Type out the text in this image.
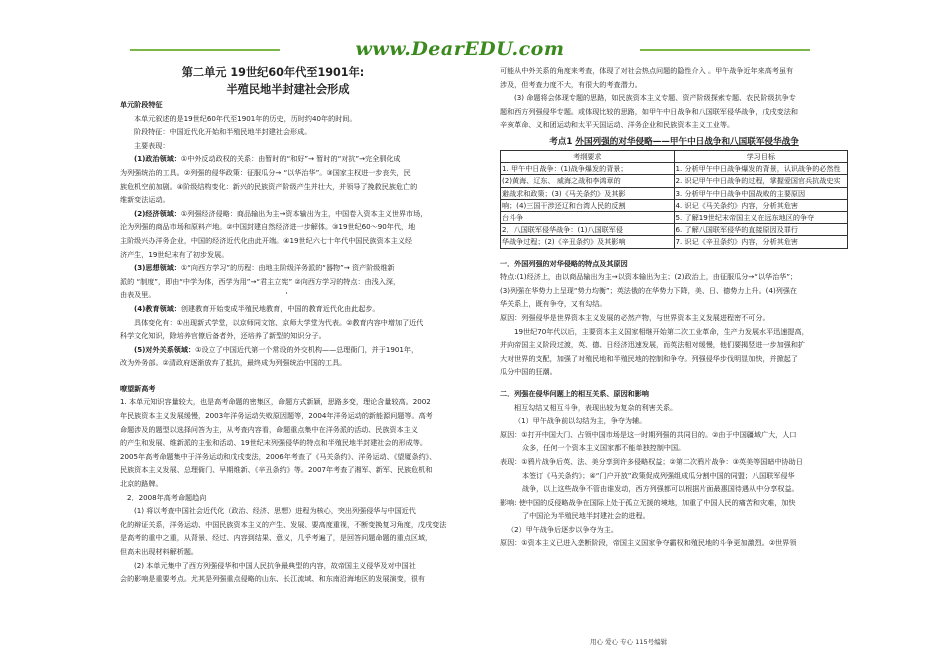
www.DearEDU.com

第二单元 19世纪60年代至1901年:

半殖民地半封建社会形成

单元阶段特征

本单元叙述的是19世纪60年代至1901年的历史，历时约40年的时间。

阶段特征：中国近代化开始和半殖民地半封建社会形成。

主要表现：

(1)政治领域：①中外反动政权的关系：由暂时的“和好”→ 暂时的“对抗”→完全驯化成

为列强统治的工具。②列强的侵华政策：征服瓜分→ “以华治华”。③国家主权进一步丧失，民

族危机空前加剧。④阶级结构变化：新兴的民族资产阶级产生并壮大，并领导了挽救民族危亡的

维新变法运动。

(2)经济领域：①列强经济侵略：商品输出为主→资本输出为主，中国卷入资本主义世界市场，

沦为列强的商品市场和原料产地。②中国封建自然经济进一步解体。③19世纪60～90年代，地

主阶级兴办洋务企业，中国的经济近代化由此开端。④19世纪六七十年代中国民族资本主义经

济产生，19世纪末有了初步发展。

(3)思想领域：①“向西方学习”的历程：由地主阶级洋务派的“器物”→ 资产阶级维新

派的 “制度”，即由“中学为体，西学为用”→“君主立宪” ②向西方学习的特点：由浅入深，

由表及里。	‘

(4)教育领域：创建教育开始变成半殖民地教育，中国的教育近代化由此起步。

具体变化有：①出现新式学堂，以京师同文馆、京师大学堂为代表。②教育内容中增加了近代

科学文化知识，除培养官僚后备者外，还培养了新型的知识分子。

(5)对外关系领域：①设立了中国近代第一个常设的外交机构——总理衙门，并于1901年，

改为外务部。②清政府逐渐放弃了抵抗，最终成为列强统治中国的工具。

嘹望新高考

1. 本单元知识容量较大，也是高考命题的密集区，命题方式新颖，思路多变，理论含量较高。2002

年民族资本主义发展缓慢，2003年洋务运动失败原因题等，2004年洋务运动的新能源问题等。高考

命题涉及的题型以选择问答为主，从考查内容看，命题重点集中在洋务派的活动、民族资本主义

的产生和发展、维新派的主张和活动、19世纪末列强侵华的特点和半殖民地半封建社会的形成等。

2005年高考命题集中于洋务运动和戊戌变法，2006年考查了《马关条约》、洋务运动、《望厦条约》、

民族资本主义发展、总理衙门、早期维新、《辛丑条约》等。2007年考查了湘军、新军、民族危机和

北京的路牌。

2．2008年高考命题趋向

(1) 将以考查中国社会近代化（政治、经济、思想）进程为核心，突出列强侵华与中国近代

化的辩证关系，洋务运动、中国民族资本主义的产生、发展、要高度重视，不断变换复习角度，戊戌变法

是高考的重中之重，从背景、经过、内容到结果、意义，几乎考遍了，是回答问题命题的重点区域，

但高未出现材料解析题。

(2) 本单元集中了西方列强侵华和中国人民抗争最典型的内容，故帝国主义侵华及对中国社

会的影响是重要考点。尤其是列强重点侵略的山东、长江流域、和东南沿海地区的发展演变，很有

可能从中外关系的角度来考查，体现了对社会热点问题的隐性介入 。甲午战争近年来高考虽有

涉及，但考查力度不大，有很大的考查潜力。

(3) 命题将会体现专题的思路，如民族资本主义专题、资产阶级探索专题、农民阶级抗争专

题和西方列强侵华专题。或体现比较的思路，如甲午中日战争和八国联军侵华战争，戊戌变法和

辛亥革命、义和团运动和太平天国运动、洋务企业和民族资本主义工业等。

考点1 外国列强的对华侵略——甲午中日战争和八国联军侵华战争

考纲要求	学习目标
1. 甲午中日战争：(1)战争爆发的背景；	1. 分析甲午中日战争爆发的背景，认识战争的必然性
(2)黄海、辽东、 威海之战和李鸿章的	2. 识记甲午中日战争的过程，掌握爱国官兵抗战史实
避战求和政策；(3)《马关条约》及其影	3. 分析甲午中日战争中国战败的主要原因
响；(4)三国干涉还辽和台湾人民的反割	4. 识记《马关条约》内容，分析其危害
台斗争	5. 了解19世纪末帝国主义在远东地区的争夺
2．八国联军侵华战争：(1)八国联军侵	6. 了解八国联军侵华的直接原因及罪行
华战争过程；(2)《辛丑条约》及其影响	7. 识记《辛丑条约》内容，分析其危害

一．外国列强的对华侵略的特点及其原因

特点:(1)经济上，由以商品输出为主→以资本输出为主；(2)政治上，由征服瓜分→“以华治华”；

(3)列强在华势力上呈现“势力均衡”；英法俄的在华势力下降，美、日、德势力上升。(4)列强在

华关系上，既有争夺，又有勾结。

原因：列强侵华是世界资本主义发展的必然产物，与世界资本主义发展进程密不可分。

19世纪70年代以后，主要资本主义国家相继开始第二次工业革命，生产力发展水平迅速提高，

并向帝国主义阶段过渡，英、德、日经济迅速发展，而英法相对缓慢，他们要揭竖进一步加强和扩

大对世界的支配，加强了对殖民地和半殖民地的控制和争夺。列强侵华步伐明显加快，并掀起了

瓜分中国的狂潮。

二．列强在侵华问题上的相互关系、原因和影响

相互勾结又相互斗争，表现出较为复杂的利害关系。

（1）甲午战争前以勾结为主，争夺为辅。

原因：①打开中国大门、占领中国市场是这一时期列强的共同目的。②由于中国疆域广大，人口

众多，任何一个资本主义国家都不能单独控制中国。

表现：①鸦片战争后英、法、美分享到许多侵略权益；②第二次鸦片战争：③英美等国暗中协助日

本签订《马关条约》；④“门户开放”政策促成列强组成瓜分割中国的同盟；八国联军侵华

战争，以上这些战争不管由谁发动，西方列强都可以根据片面最惠国待遇从中分享权益。

影响: 使中国的反侵略战争在国际上处于孤立无援的境地，加重了中国人民的痛苦和灾难，加快

了中国沦为半殖民地半封建社会的进程。

（2）甲午战争后逐步以争夺为主。

原因：①资本主义已进入垄断阶段，帝国主义国家争夺霸权和殖民地的斗争更加激烈。②世界领

用心 爱心 专心 115号编辑
